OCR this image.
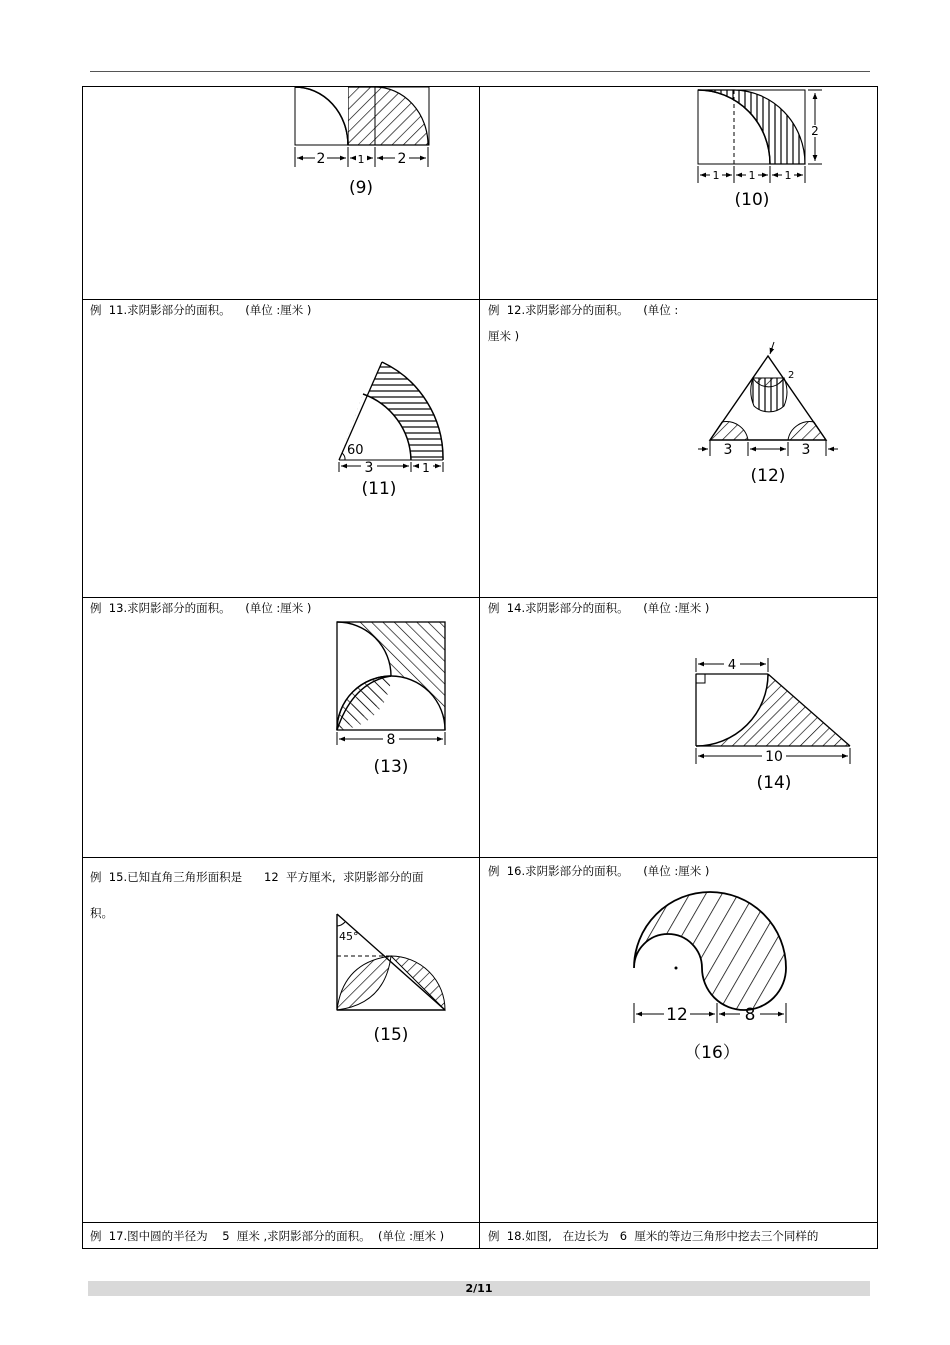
2	1 2
(9)
2
1	1	1
(10)
例  11.求阴影部分的面积。    (单位 :厘米 )
60
3	1
(11)
例  12.求阴影部分的面积。    (单位 :
厘米 )
2
3	3
(12)
例  13.求阴影部分的面积。    (单位 :厘米 )
8
(13)
例  14.求阴影部分的面积。    (单位 :厘米 )
4
10
(14)
例  15.已知直角三角形面积是      12  平方厘米,  求阴影部分的面
积。
45°
(15)
例  16.求阴影部分的面积。    (单位 :厘米 )
12	8
（16）
例  17.图中圆的半径为    5  厘米 ,求阴影部分的面积。  (单位 :厘米 )	例  18.如图,   在边长为   6  厘米的等边三角形中挖去三个同样的
2/11
